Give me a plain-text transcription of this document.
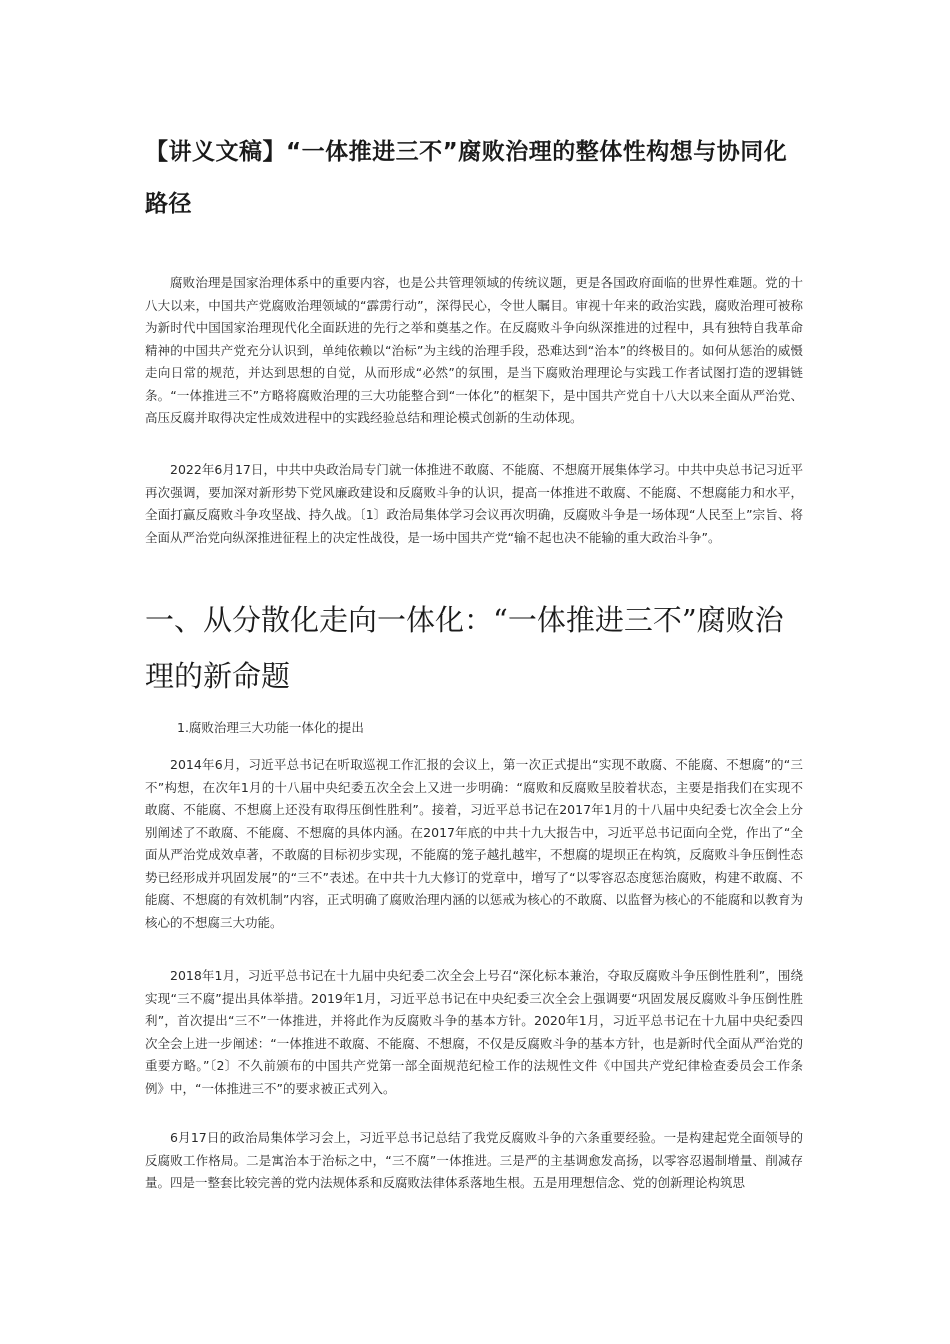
【讲义文稿】“一体推进三不”腐败治理的整体性构想与协同化路径

腐败治理是国家治理体系中的重要内容，也是公共管理领域的传统议题，更是各国政府面临的世界性难题。党的十八大以来，中国共产党腐败治理领域的“霹雳行动”，深得民心，令世人瞩目。审视十年来的政治实践，腐败治理可被称为新时代中国国家治理现代化全面跃进的先行之举和奠基之作。在反腐败斗争向纵深推进的过程中，具有独特自我革命精神的中国共产党充分认识到，单纯依赖以“治标”为主线的治理手段，恐难达到“治本”的终极目的。如何从惩治的威慑走向日常的规范，并达到思想的自觉，从而形成“必然”的氛围，是当下腐败治理理论与实践工作者试图打造的逻辑链条。“一体推进三不”方略将腐败治理的三大功能整合到“一体化”的框架下，是中国共产党自十八大以来全面从严治党、高压反腐并取得决定性成效进程中的实践经验总结和理论模式创新的生动体现。

2022年6月17日，中共中央政治局专门就一体推进不敢腐、不能腐、不想腐开展集体学习。中共中央总书记习近平再次强调，要加深对新形势下党风廉政建设和反腐败斗争的认识，提高一体推进不敢腐、不能腐、不想腐能力和水平，全面打赢反腐败斗争攻坚战、持久战。〔1〕政治局集体学习会议再次明确，反腐败斗争是一场体现“人民至上”宗旨、将全面从严治党向纵深推进征程上的决定性战役，是一场中国共产党“输不起也决不能输的重大政治斗争”。

一、从分散化走向一体化：“一体推进三不”腐败治理的新命题

1.腐败治理三大功能一体化的提出

2014年6月，习近平总书记在听取巡视工作汇报的会议上，第一次正式提出“实现不敢腐、不能腐、不想腐”的“三不”构想，在次年1月的十八届中央纪委五次全会上又进一步明确：“腐败和反腐败呈胶着状态，主要是指我们在实现不敢腐、不能腐、不想腐上还没有取得压倒性胜利”。接着，习近平总书记在2017年1月的十八届中央纪委七次全会上分别阐述了不敢腐、不能腐、不想腐的具体内涵。在2017年底的中共十九大报告中，习近平总书记面向全党，作出了“全面从严治党成效卓著，不敢腐的目标初步实现，不能腐的笼子越扎越牢，不想腐的堤坝正在构筑，反腐败斗争压倒性态势已经形成并巩固发展”的“三不”表述。在中共十九大修订的党章中，增写了“以零容忍态度惩治腐败，构建不敢腐、不能腐、不想腐的有效机制”内容，正式明确了腐败治理内涵的以惩戒为核心的不敢腐、以监督为核心的不能腐和以教育为核心的不想腐三大功能。

2018年1月，习近平总书记在十九届中央纪委二次全会上号召“深化标本兼治，夺取反腐败斗争压倒性胜利”，围绕实现“三不腐”提出具体举措。2019年1月，习近平总书记在中央纪委三次全会上强调要“巩固发展反腐败斗争压倒性胜利”，首次提出“三不”一体推进，并将此作为反腐败斗争的基本方针。2020年1月，习近平总书记在十九届中央纪委四次全会上进一步阐述：“一体推进不敢腐、不能腐、不想腐，不仅是反腐败斗争的基本方针，也是新时代全面从严治党的重要方略。”〔2〕不久前颁布的中国共产党第一部全面规范纪检工作的法规性文件《中国共产党纪律检查委员会工作条例》中，“一体推进三不”的要求被正式列入。

6月17日的政治局集体学习会上，习近平总书记总结了我党反腐败斗争的六条重要经验。一是构建起党全面领导的反腐败工作格局。二是寓治本于治标之中，“三不腐”一体推进。三是严的主基调愈发高扬，以零容忍遏制增量、削减存量。四是一整套比较完善的党内法规体系和反腐败法律体系落地生根。五是用理想信念、党的创新理论构筑思
